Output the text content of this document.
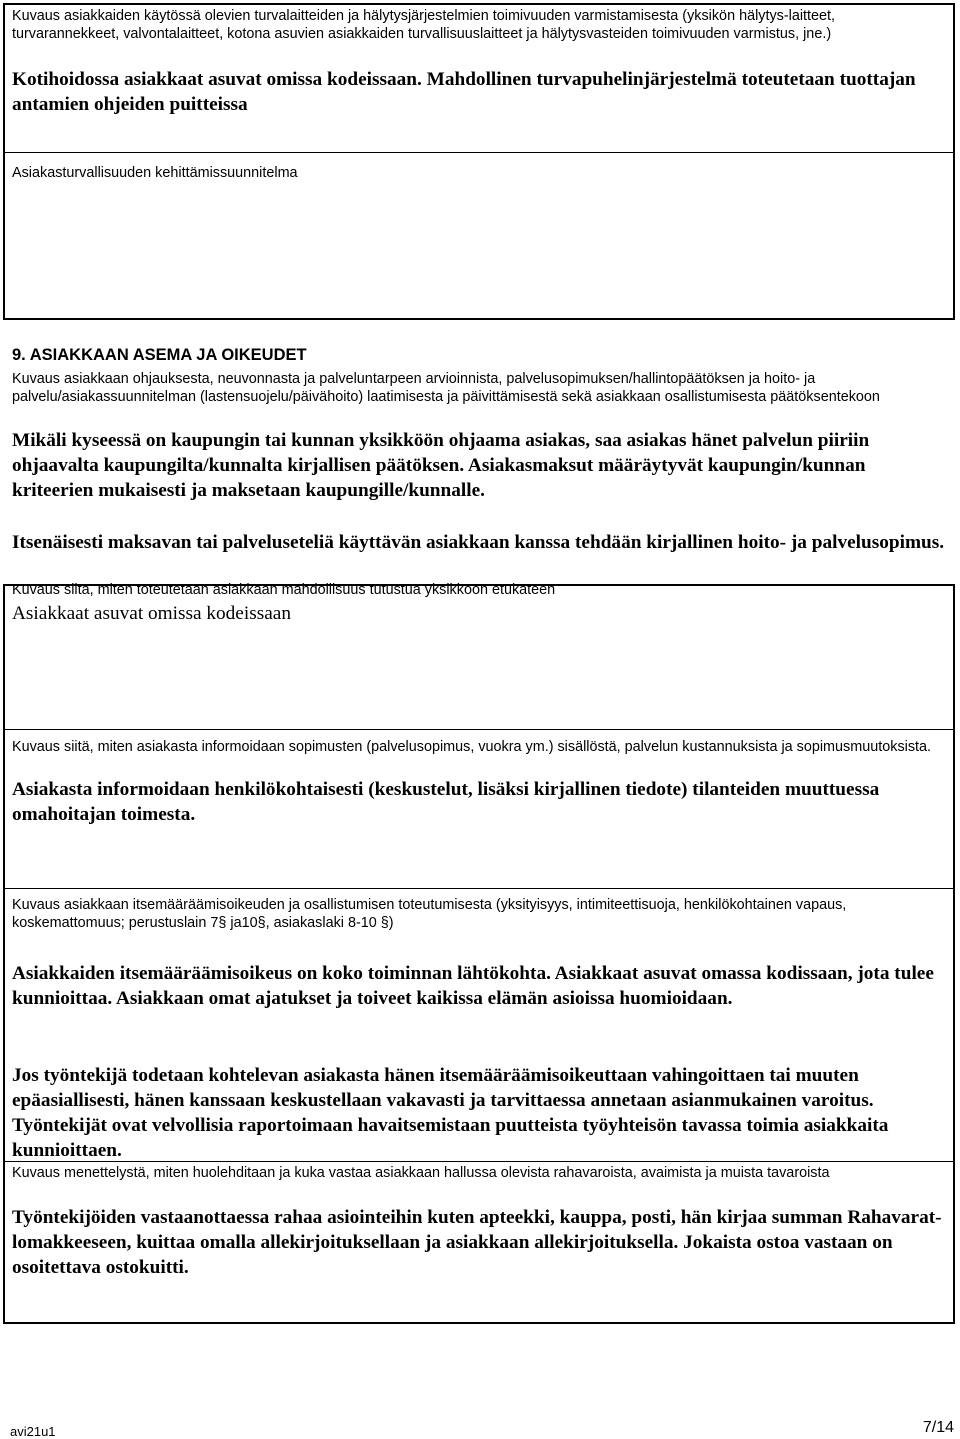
Kuvaus asiakkaiden käytössä olevien turvalaitteiden ja hälytysjärjestelmien toimivuuden varmistamisesta (yksikön hälytys-laitteet, turvarannekkeet, valvontalaitteet, kotona asuvien asiakkaiden turvallisuuslaitteet ja hälytysvasteiden toimivuuden varmistus, jne.)

Kotihoidossa asiakkaat asuvat omissa kodeissaan. Mahdollinen turvapuhelinjärjestelmä toteutetaan tuottajan antamien ohjeiden puitteissa

Asiakasturvallisuuden kehittämissuunnitelma

9. ASIAKKAAN ASEMA JA OIKEUDET

Kuvaus asiakkaan ohjauksesta, neuvonnasta ja palveluntarpeen arvioinnista, palvelusopimuksen/hallintopäätöksen ja hoito- ja palvelu/asiakassuunnitelman (lastensuojelu/päivähoito) laatimisesta ja päivittämisestä sekä asiakkaan osallistumisesta päätöksentekoon

Mikäli kyseessä on kaupungin tai kunnan yksikköön ohjaama asiakas, saa asiakas hänet palvelun piiriin ohjaavalta kaupungilta/kunnalta kirjallisen päätöksen. Asiakasmaksut määräytyvät kaupungin/kunnan kriteerien mukaisesti ja maksetaan kaupungille/kunnalle.

Itsenäisesti maksavan tai palveluseteliä käyttävän asiakkaan kanssa tehdään kirjallinen hoito- ja palvelusopimus.

Kuvaus siitä, miten toteutetaan asiakkaan mahdollisuus tutustua yksikköön etukäteen

Asiakkaat asuvat omissa kodeissaan

Kuvaus siitä, miten asiakasta informoidaan sopimusten (palvelusopimus, vuokra ym.) sisällöstä, palvelun kustannuksista ja sopimusmuutoksista.

Asiakasta informoidaan henkilökohtaisesti (keskustelut, lisäksi kirjallinen tiedote) tilanteiden muuttuessa omahoitajan toimesta.

Kuvaus asiakkaan itsemääräämisoikeuden ja osallistumisen toteutumisesta (yksityisyys, intimiteettisuoja, henkilökohtainen vapaus, koskemattomuus; perustuslain 7§ ja10§, asiakaslaki 8-10 §)

Asiakkaiden itsemääräämisoikeus on koko toiminnan lähtökohta. Asiakkaat asuvat omassa kodissaan, jota tulee kunnioittaa. Asiakkaan omat ajatukset ja toiveet kaikissa elämän asioissa huomioidaan.

Jos työntekijä todetaan kohtelevan asiakasta hänen itsemääräämisoikeuttaan vahingoittaen tai muuten epäasiallisesti, hänen kanssaan keskustellaan vakavasti ja tarvittaessa annetaan asianmukainen varoitus. Työntekijät ovat velvollisia raportoimaan havaitsemistaan puutteista työyhteisön tavassa toimia asiakkaita kunnioittaen.

Kuvaus menettelystä, miten huolehditaan ja kuka vastaa asiakkaan hallussa olevista rahavaroista, avaimista ja muista tavaroista

Työntekijöiden vastaanottaessa rahaa asiointeihin kuten apteekki, kauppa, posti, hän kirjaa summan Rahavarat- lomakkeeseen, kuittaa omalla allekirjoituksellaan ja asiakkaan allekirjoituksella. Jokaista ostoa vastaan on osoitettava ostokuitti.

avi21u1	7/14
